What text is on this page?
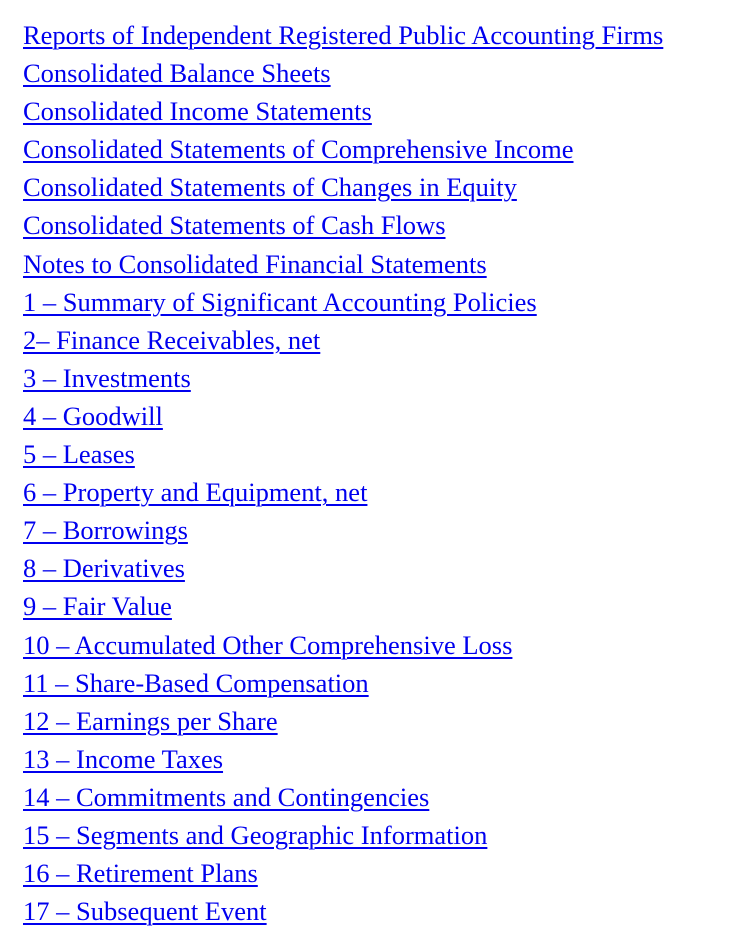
Reports of Independent Registered Public Accounting Firms
Consolidated Balance Sheets
Consolidated Income Statements
Consolidated Statements of Comprehensive Income
Consolidated Statements of Changes in Equity
Consolidated Statements of Cash Flows
Notes to Consolidated Financial Statements
1 – Summary of Significant Accounting Policies
2– Finance Receivables, net
3 – Investments
4 – Goodwill
5 – Leases
6 – Property and Equipment, net
7 – Borrowings
8 – Derivatives
9 – Fair Value
10 – Accumulated Other Comprehensive Loss
11 – Share-Based Compensation
12 – Earnings per Share
13 – Income Taxes
14 – Commitments and Contingencies
15 – Segments and Geographic Information
16 – Retirement Plans
17 – Subsequent Event
